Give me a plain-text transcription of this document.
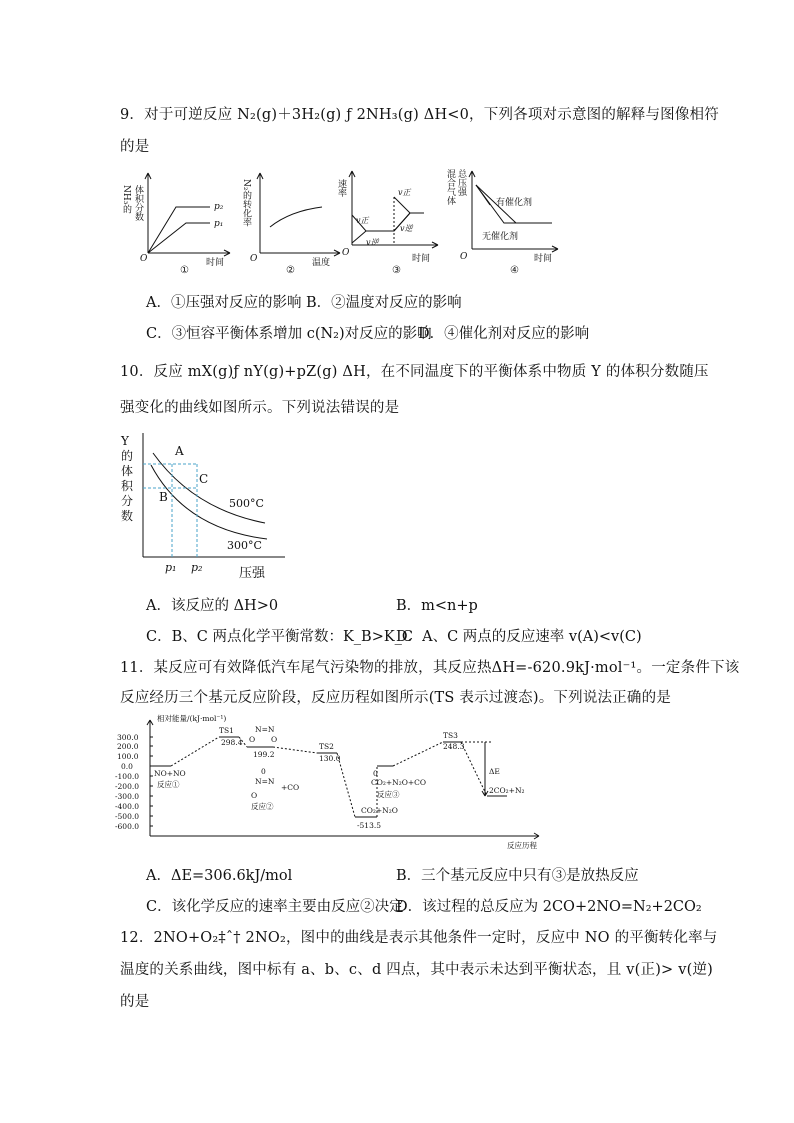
9．对于可逆反应 N₂(g)＋3H₂(g) ƒ 2NH₃(g) ΔH<0，下列各项对示意图的解释与图像相符
的是
NH₃的 体积分数	p₂
p₁
O	时间
①
N₂的转化率
O	温度
②
速率
v正
v逆
v正
v逆
O
时间
③
混合气体 总压强
有催化剂
无催化剂
O	时间
④
A．①压强对反应的影响 B．②温度对反应的影响
C．③恒容平衡体系增加 c(N₂)对反应的影响
D．④催化剂对反应的影响
10．反应 mX(g)ƒ nY(g)+pZ(g) ΔH，在不同温度下的平衡体系中物质 Y 的体积分数随压
强变化的曲线如图所示。下列说法错误的是
Y
的
体
积
分
数
A
B
C
500°C
300°C
p₁ p₂	压强
A．该反应的 ΔH>0	B．m<n+p
C．B、C 两点化学平衡常数：K_B>K_C
D．A、C 两点的反应速率 v(A)<v(C)
11．某反应可有效降低汽车尾气污染物的排放，其反应热ΔH=-620.9kJ·mol⁻¹。一定条件下该
反应经历三个基元反应阶段，反应历程如图所示(TS 表示过渡态)。下列说法正确的是
相对能量/(kJ·mol⁻¹)
300.0
200.0
100.0
0.0
-100.0
-200.0
-300.0
-400.0
-500.0
-600.0
TS1
298.4
N=N
O O
199.2
TS2
130.0
0
N=N
+CO
O
反应②
NO+NO
反应①
0
CO₂+N₂O+CO
反应③
CO₂+N₂O
-513.5
TS3
248.3
ΔE
2CO₂+N₂
反应历程
A．ΔE=306.6kJ/mol	B．三个基元反应中只有③是放热反应
C．该化学反应的速率主要由反应②决定
D．该过程的总反应为 2CO+2NO=N₂+2CO₂
12．2NO+O₂‡ˆ† 2NO₂，图中的曲线是表示其他条件一定时，反应中 NO 的平衡转化率与
温度的关系曲线，图中标有 a、b、c、d 四点，其中表示未达到平衡状态，且 v(正)> v(逆)
的是
